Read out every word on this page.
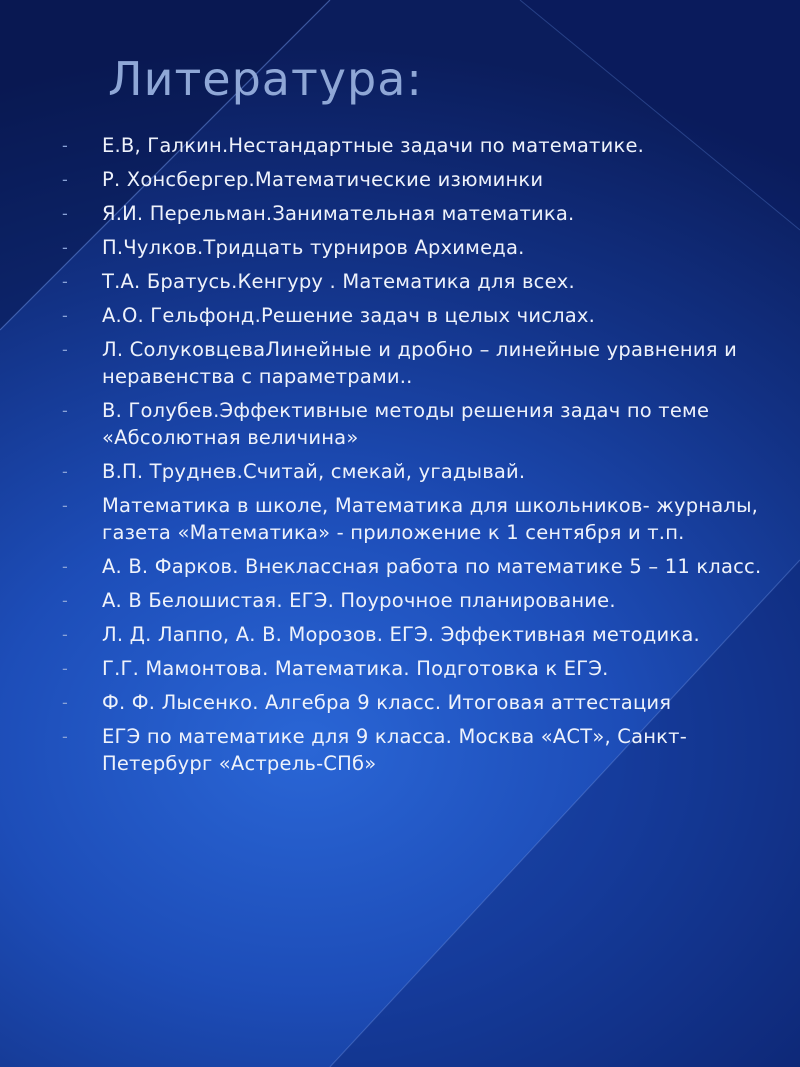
Литература:
-	Е.В, Галкин.Нестандартные задачи по математике.
-	Р. Хонсбергер.Математические изюминки
-	Я.И. Перельман.Занимательная математика.
-	П.Чулков.Тридцать турниров Архимеда.
-	Т.А. Братусь.Кенгуру . Математика для всех.
-	А.О. Гельфонд.Решение задач в целых числах.
-	Л. СолуковцеваЛинейные и дробно – линейные уравнения и неравенства с параметрами..
-	В. Голубев.Эффективные методы решения задач по теме «Абсолютная величина»
-	В.П. Труднев.Считай, смекай, угадывай.
-	Математика в школе, Математика для школьников- журналы, газета «Математика» - приложение к 1 сентября и т.п.
-	А. В. Фарков. Внеклассная работа по математике 5 – 11 класс.
-	А. В Белошистая. ЕГЭ. Поурочное планирование.
-	Л. Д. Лаппо, А. В. Морозов. ЕГЭ. Эффективная методика.
-	Г.Г. Мамонтова. Математика. Подготовка к ЕГЭ.
-	Ф. Ф. Лысенко. Алгебра 9 класс. Итоговая аттестация
-	ЕГЭ по математике для 9 класса. Москва «АСТ», Санкт-Петербург «Астрель-СПб»
